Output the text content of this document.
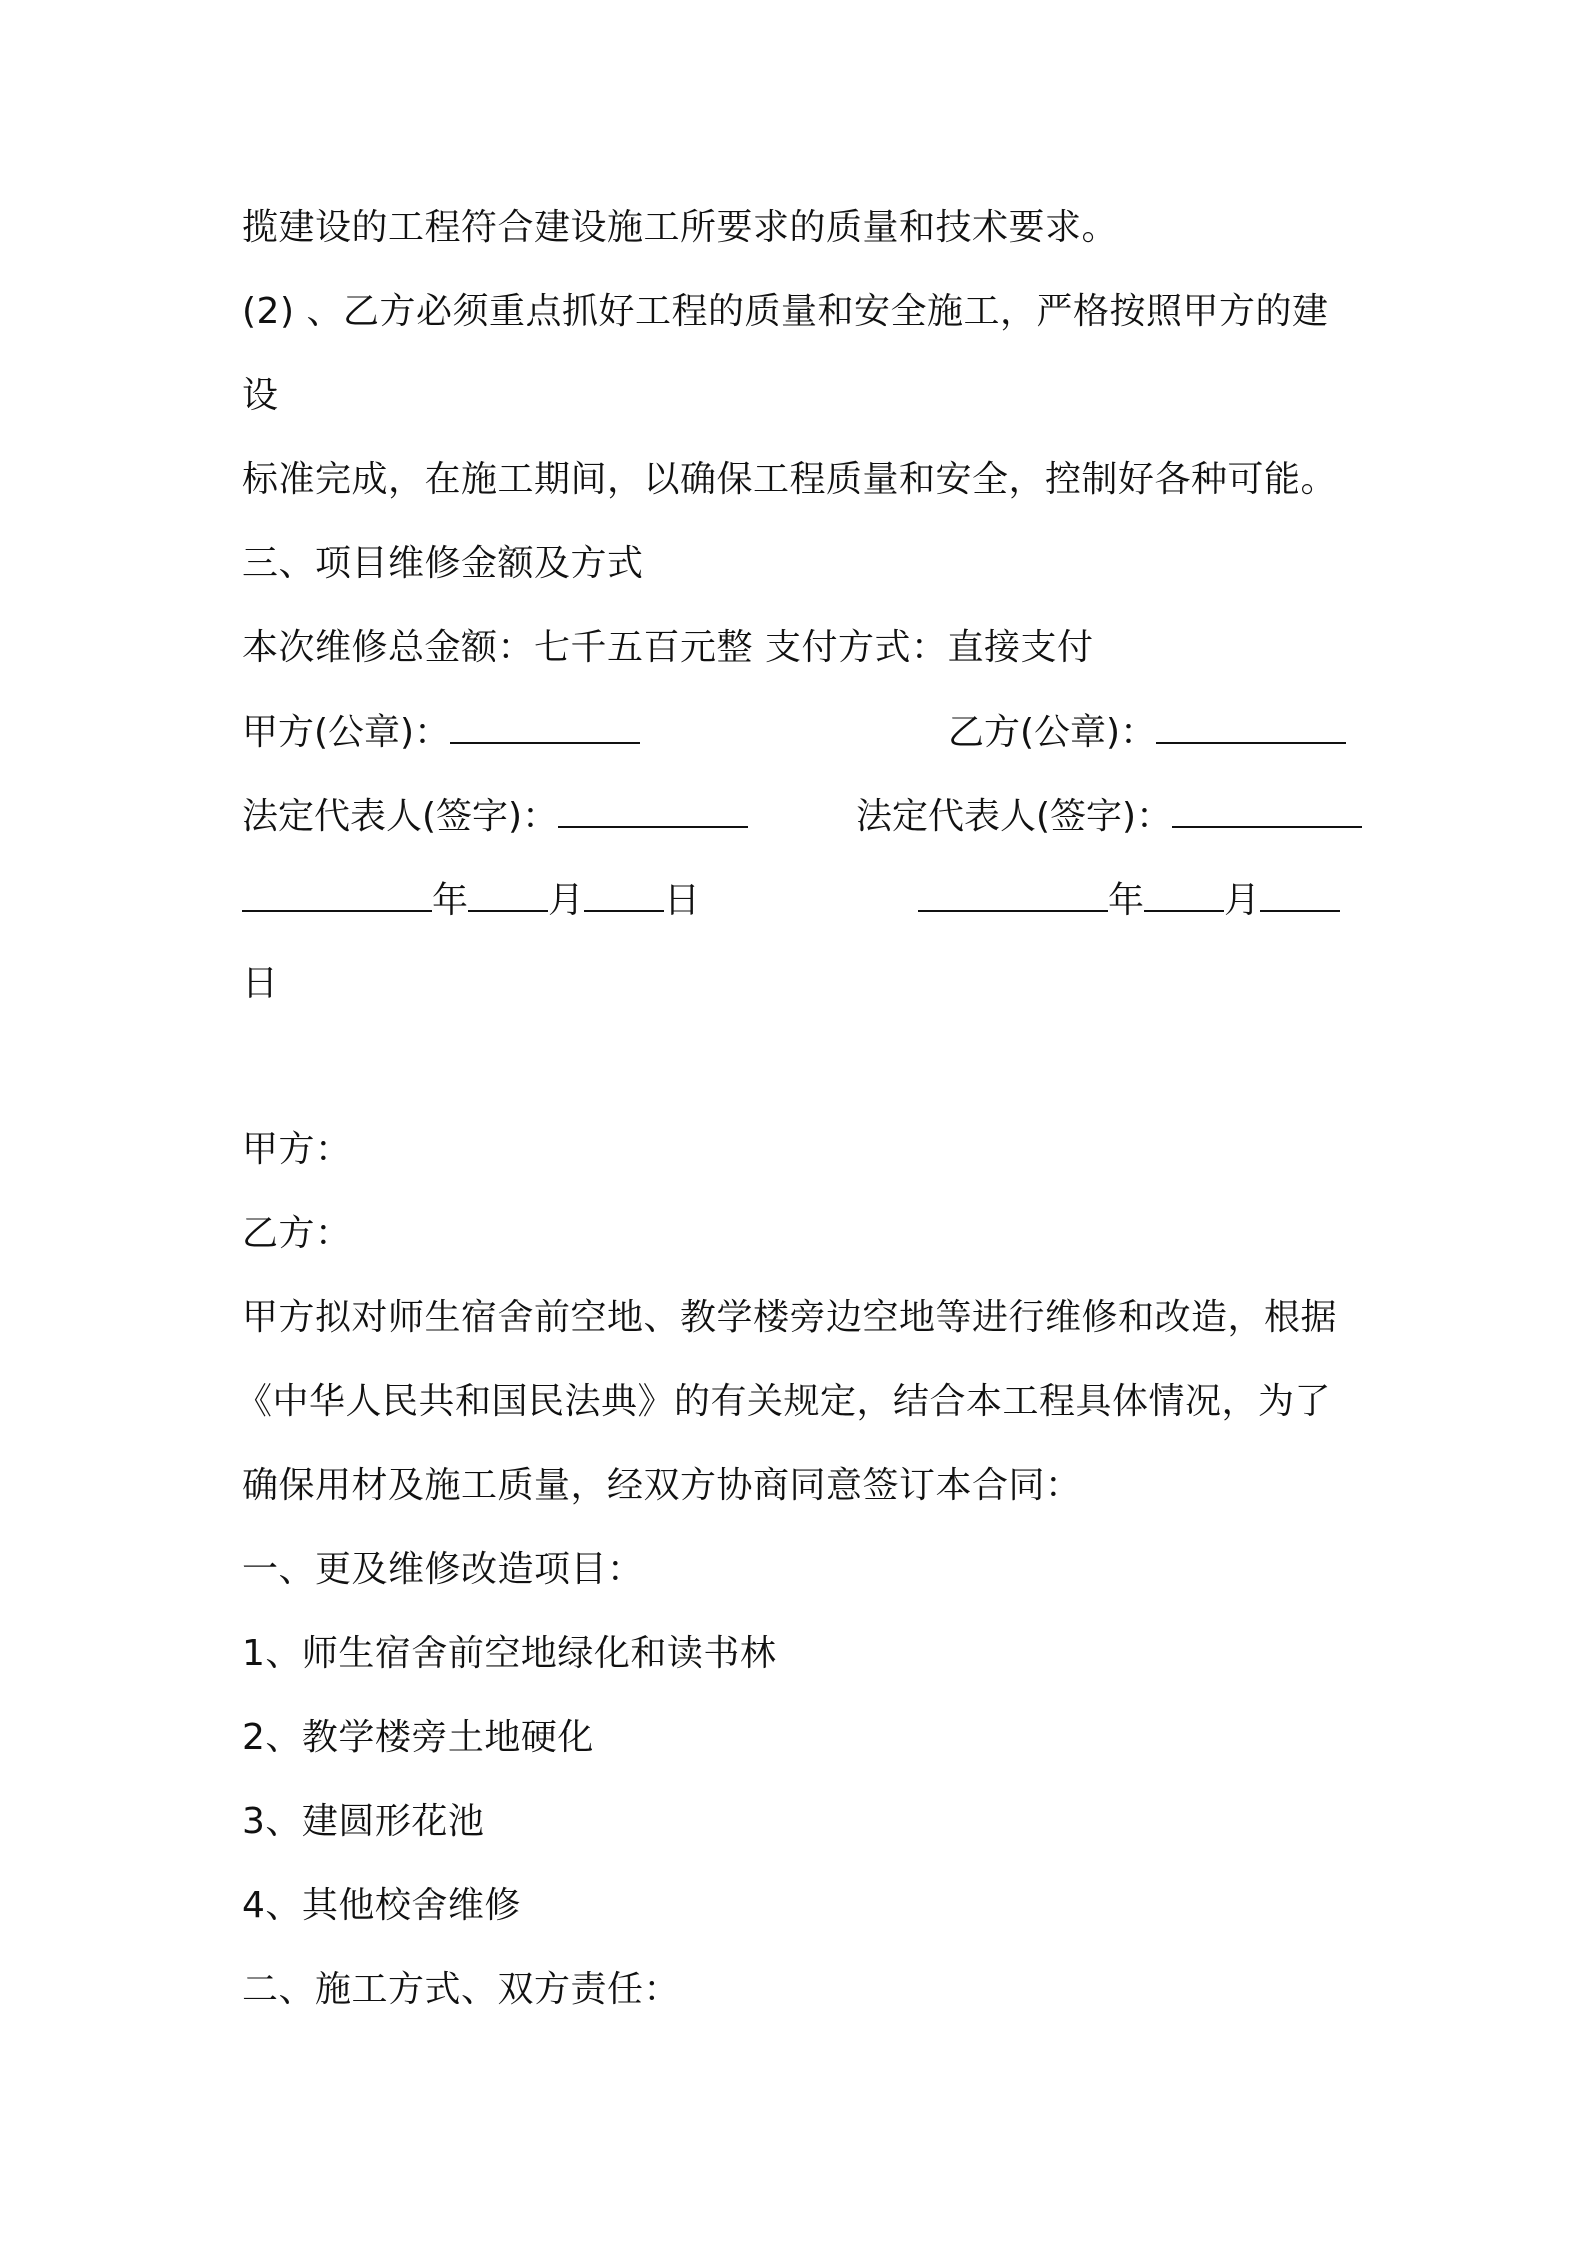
揽建设的工程符合建设施工所要求的质量和技术要求。
(2) 、乙方必须重点抓好工程的质量和安全施工，严格按照甲方的建
设
标准完成，在施工期间，以确保工程质量和安全，控制好各种可能。
三、项目维修金额及方式
本次维修总金额：七千五百元整 支付方式：直接支付
甲方(公章)：	乙方(公章)：
法定代表人(签字)：	法定代表人(签字)：
年 月 日	年 月
日
甲方：
乙方：
甲方拟对师生宿舍前空地、教学楼旁边空地等进行维修和改造，根据
《中华人民共和国民法典》的有关规定，结合本工程具体情况，为了
确保用材及施工质量，经双方协商同意签订本合同：
一、更及维修改造项目：
1、师生宿舍前空地绿化和读书林
2、教学楼旁土地硬化
3、建圆形花池
4、其他校舍维修
二、施工方式、双方责任：
